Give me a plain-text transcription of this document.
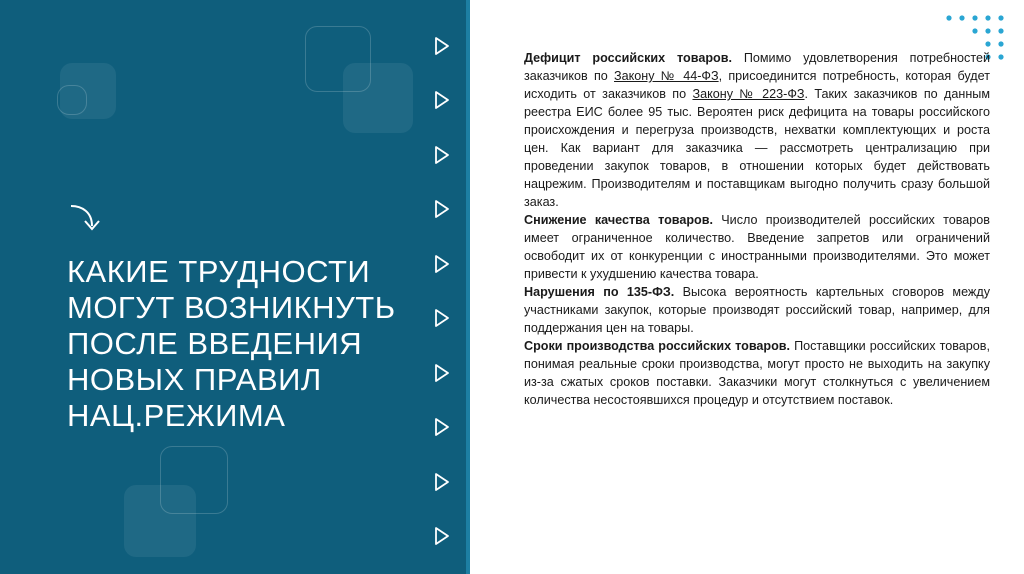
КАКИЕ ТРУДНОСТИ
МОГУТ ВОЗНИКНУТЬ
ПОСЛЕ ВВЕДЕНИЯ
НОВЫХ ПРАВИЛ
НАЦ.РЕЖИМА

Дефицит российских товаров. Помимо удовлетворения потребностей заказчиков по Закону № 44-ФЗ, присоединится потребность, которая будет исходить от заказчиков по Закону № 223-ФЗ. Таких заказчиков по данным реестра ЕИС более 95 тыс. Вероятен риск дефицита на товары российского происхождения и перегруза производств, нехватки комплектующих и роста цен. Как вариант для заказчика — рассмотреть централизацию при проведении закупок товаров, в отношении которых будет действовать нацрежим. Производителям и поставщикам выгодно получить сразу большой заказ.

Снижение качества товаров. Число производителей российских товаров имеет ограниченное количество. Введение запретов или ограничений освободит их от конкуренции с иностранными производителями. Это может привести к ухудшению качества товара.

Нарушения по 135-ФЗ. Высока вероятность картельных сговоров между участниками закупок, которые производят российский товар, например, для поддержания цен на товары.

Сроки производства российских товаров. Поставщики российских товаров, понимая реальные сроки производства, могут просто не выходить на закупку из-за сжатых сроков поставки. Заказчики могут столкнуться с увеличением количества несостоявшихся процедур и отсутствием поставок.
